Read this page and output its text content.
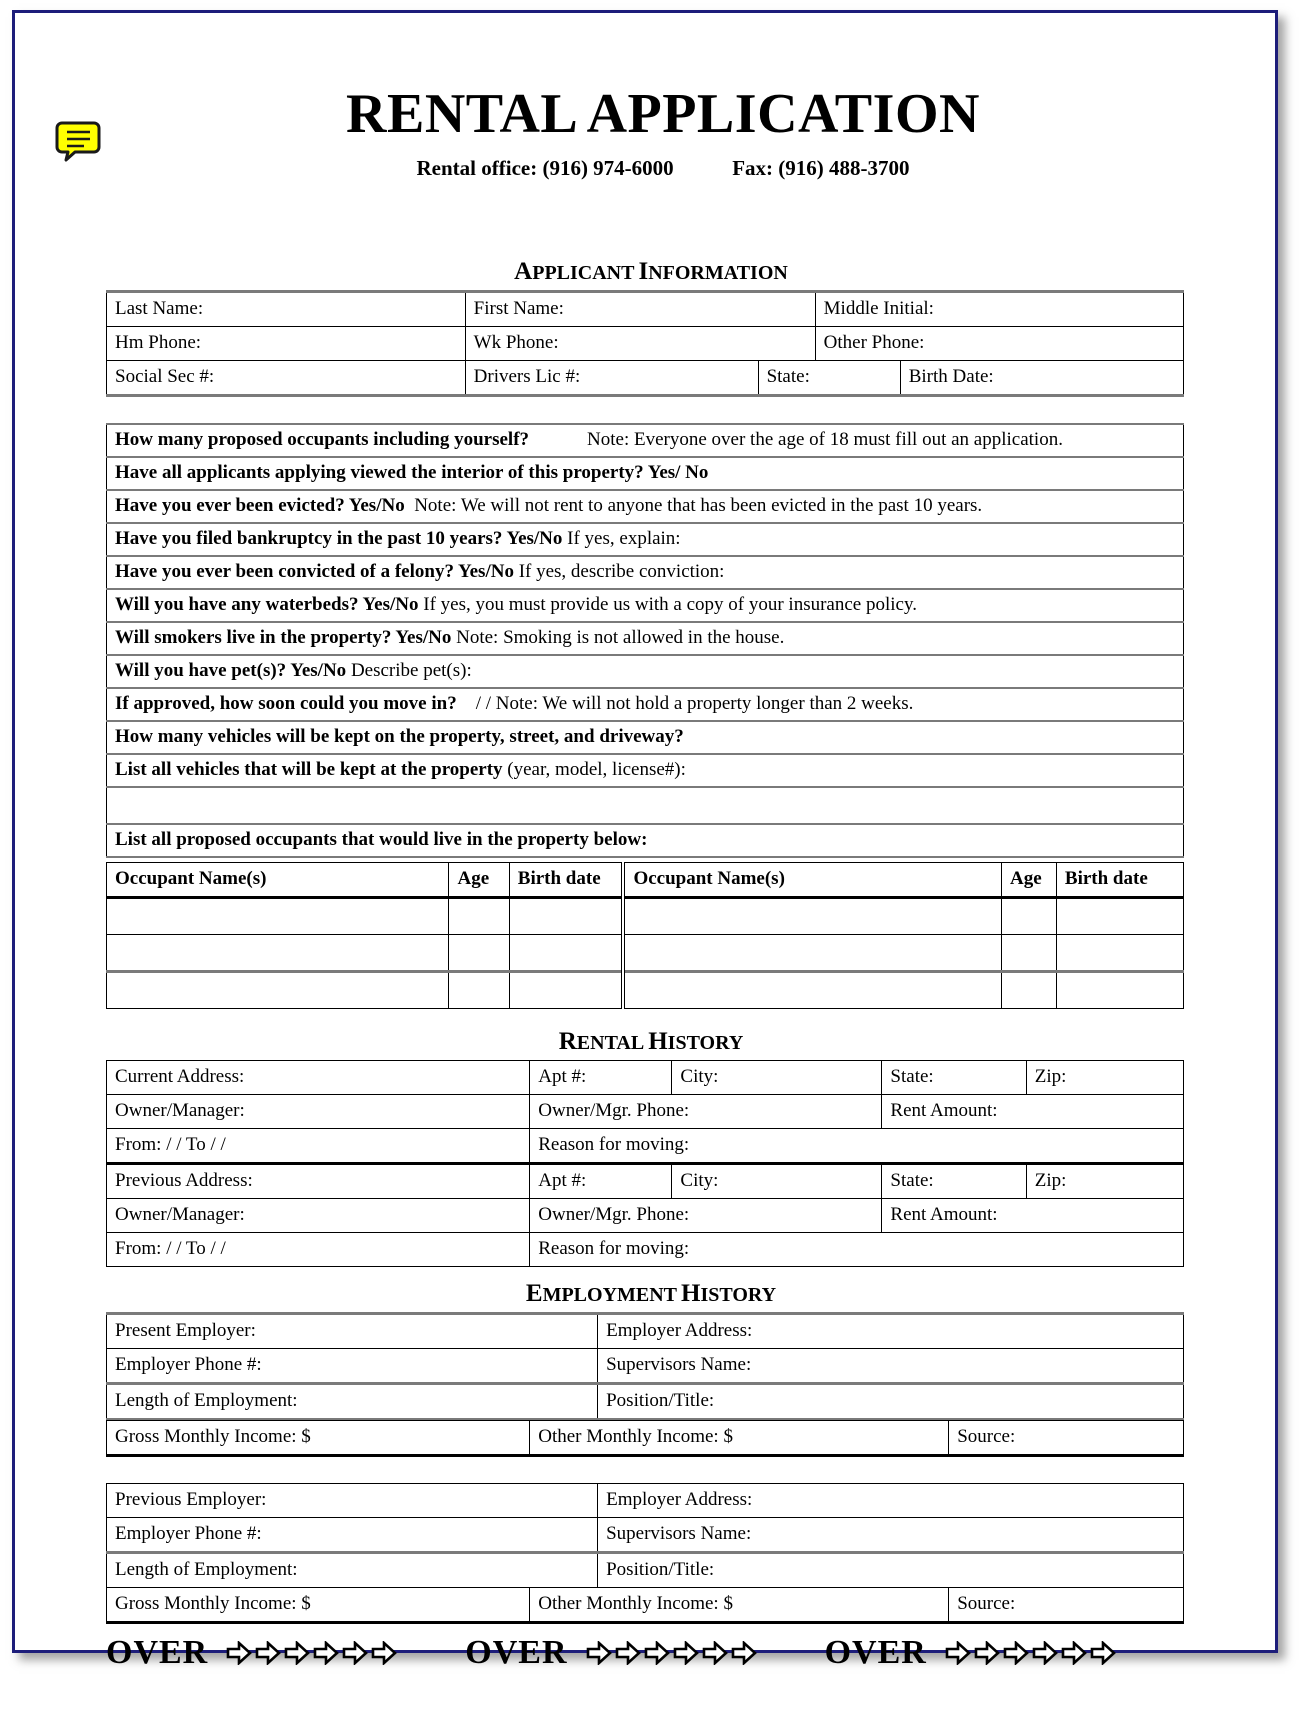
RENTAL APPLICATION
Rental office: (916) 974-6000	Fax: (916) 488-3700
APPLICANT INFORMATION
Last Name:	First Name:	Middle Initial:
Hm Phone:	Wk Phone:	Other Phone:
Social Sec #:	Drivers Lic #:	State:	Birth Date:
How many proposed occupants including yourself?	Note: Everyone over the age of 18 must fill out an application.
Have all applicants applying viewed the interior of this property? Yes/ No
Have you ever been evicted? Yes/No Note: We will not rent to anyone that has been evicted in the past 10 years.
Have you filed bankruptcy in the past 10 years? Yes/No If yes, explain:
Have you ever been convicted of a felony? Yes/No If yes, describe conviction:
Will you have any waterbeds? Yes/No If yes, you must provide us with a copy of your insurance policy.
Will smokers live in the property? Yes/No Note: Smoking is not allowed in the house.
Will you have pet(s)? Yes/No Describe pet(s):
If approved, how soon could you move in? / / Note: We will not hold a property longer than 2 weeks.
How many vehicles will be kept on the property, street, and driveway?
List all vehicles that will be kept at the property (year, model, license#):

List all proposed occupants that would live in the property below:
Occupant Name(s)	Age	Birth date	Occupant Name(s)	Age	Birth date

RENTAL HISTORY
Current Address:	Apt #:	City:	State:	Zip:
Owner/Manager:	Owner/Mgr. Phone:	Rent Amount:
From: / / To / /	Reason for moving:
Previous Address:	Apt #:	City:	State:	Zip:
Owner/Manager:	Owner/Mgr. Phone:	Rent Amount:
From: / / To / /	Reason for moving:
EMPLOYMENT HISTORY
Present Employer:	Employer Address:
Employer Phone #:	Supervisors Name:
Length of Employment:	Position/Title:
Gross Monthly Income: $	Other Monthly Income: $	Source:
Previous Employer:	Employer Address:
Employer Phone #:	Supervisors Name:
Length of Employment:	Position/Title:
Gross Monthly Income: $	Other Monthly Income: $	Source:
OVER	OVER	OVER
